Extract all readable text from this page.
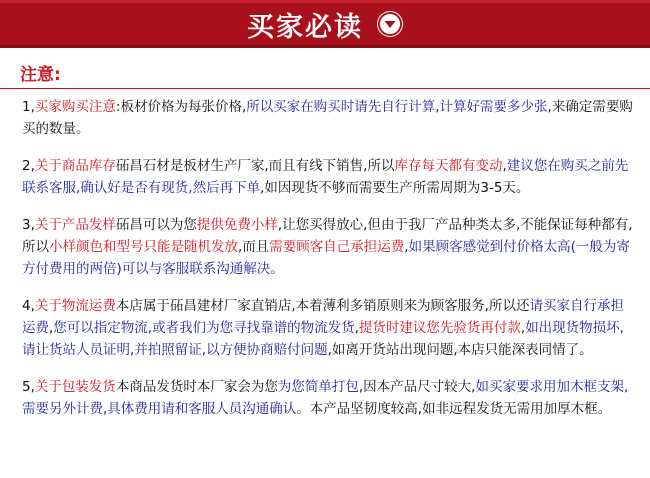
买家必读
注意:
1,买家购买注意:板材价格为每张价格,所以买家在购买时请先自行计算,计算好需要多少张,来确定需要购买的数量。
2,关于商品库存砳昌石材是板材生产厂家,而且有线下销售,所以库存每天都有变动,建议您在购买之前先联系客服,确认好是否有现货,然后再下单,如因现货不够而需要生产所需周期为3-5天。
3,关于产品发样砳昌可以为您提供免费小样,让您买得放心,但由于我厂产品种类太多,不能保证每种都有,所以小样颜色和型号只能是随机发放,而且需要顾客自己承担运费,如果顾客感觉到付价格太高(一般为寄方付费用的两倍)可以与客服联系沟通解决。
4,关于物流运费本店属于砳昌建材厂家直销店,本着薄利多销原则来为顾客服务,所以还请买家自行承担运费,您可以指定物流,或者我们为您寻找靠谱的物流发货,提货时建议您先验货再付款,如出现货物损坏,请让货站人员证明,并拍照留证,以方便协商赔付问题,如离开货站出现问题,本店只能深表同情了。
5,关于包装发货本商品发货时本厂家会为您为您简单打包,因本产品尺寸较大,如买家要求用加木框支架,需要另外计费,具体费用请和客服人员沟通确认。本产品坚韧度较高,如非远程发货无需用加厚木框。
